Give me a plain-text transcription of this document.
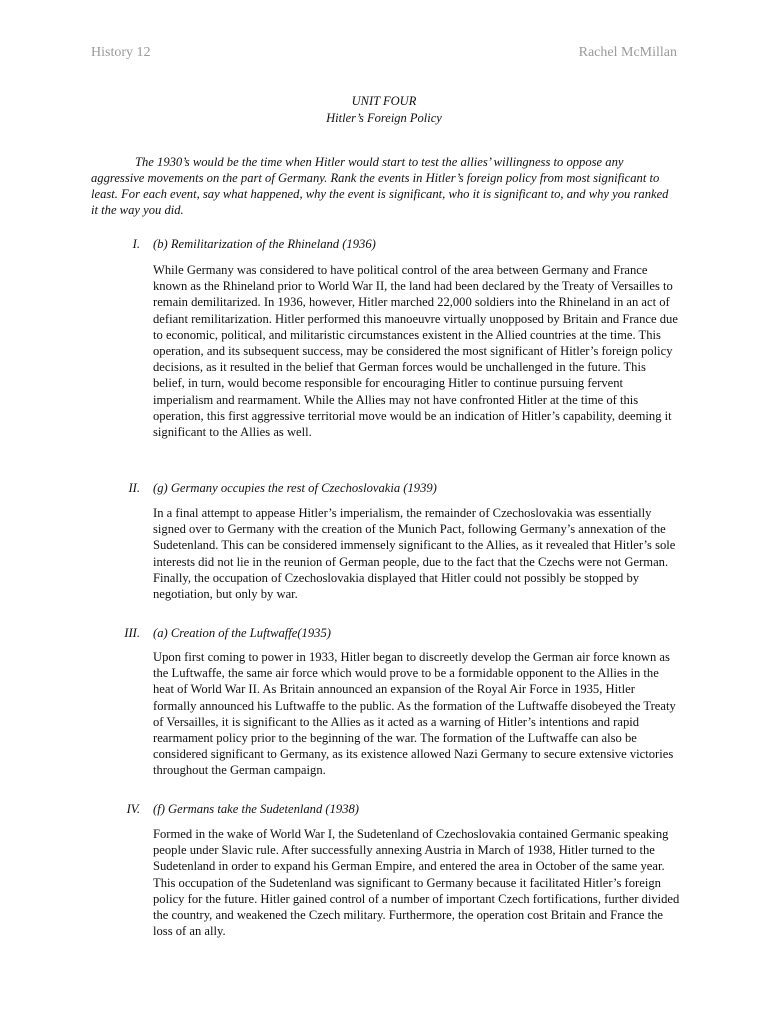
History 12	Rachel McMillan
UNIT FOUR
Hitler’s Foreign Policy
The 1930’s would be the time when Hitler would start to test the allies’ willingness to oppose any aggressive movements on the part of Germany. Rank the events in Hitler’s foreign policy from most significant to least. For each event, say what happened, why the event is significant, who it is significant to, and why you ranked it the way you did.
I. (b) Remilitarization of the Rhineland (1936)
While Germany was considered to have political control of the area between Germany and France known as the Rhineland prior to World War II, the land had been declared by the Treaty of Versailles to remain demilitarized. In 1936, however, Hitler marched 22,000 soldiers into the Rhineland in an act of defiant remilitarization. Hitler performed this manoeuvre virtually unopposed by Britain and France due to economic, political, and militaristic circumstances existent in the Allied countries at the time. This operation, and its subsequent success, may be considered the most significant of Hitler’s foreign policy decisions, as it resulted in the belief that German forces would be unchallenged in the future. This belief, in turn, would become responsible for encouraging Hitler to continue pursuing fervent imperialism and rearmament. While the Allies may not have confronted Hitler at the time of this operation, this first aggressive territorial move would be an indication of Hitler’s capability, deeming it significant to the Allies as well.
II. (g) Germany occupies the rest of Czechoslovakia (1939)
In a final attempt to appease Hitler’s imperialism, the remainder of Czechoslovakia was essentially signed over to Germany with the creation of the Munich Pact, following Germany’s annexation of the Sudetenland. This can be considered immensely significant to the Allies, as it revealed that Hitler’s sole interests did not lie in the reunion of German people, due to the fact that the Czechs were not German. Finally, the occupation of Czechoslovakia displayed that Hitler could not possibly be stopped by negotiation, but only by war.
III. (a) Creation of the Luftwaffe(1935)
Upon first coming to power in 1933, Hitler began to discreetly develop the German air force known as the Luftwaffe, the same air force which would prove to be a formidable opponent to the Allies in the heat of World War II. As Britain announced an expansion of the Royal Air Force in 1935, Hitler formally announced his Luftwaffe to the public. As the formation of the Luftwaffe disobeyed the Treaty of Versailles, it is significant to the Allies as it acted as a warning of Hitler’s intentions and rapid rearmament policy prior to the beginning of the war. The formation of the Luftwaffe can also be considered significant to Germany, as its existence allowed Nazi Germany to secure extensive victories throughout the German campaign.
IV. (f) Germans take the Sudetenland (1938)
Formed in the wake of World War I, the Sudetenland of Czechoslovakia contained Germanic speaking people under Slavic rule. After successfully annexing Austria in March of 1938, Hitler turned to the Sudetenland in order to expand his German Empire, and entered the area in October of the same year. This occupation of the Sudetenland was significant to Germany because it facilitated Hitler’s foreign policy for the future. Hitler gained control of a number of important Czech fortifications, further divided the country, and weakened the Czech military. Furthermore, the operation cost Britain and France the loss of an ally.
